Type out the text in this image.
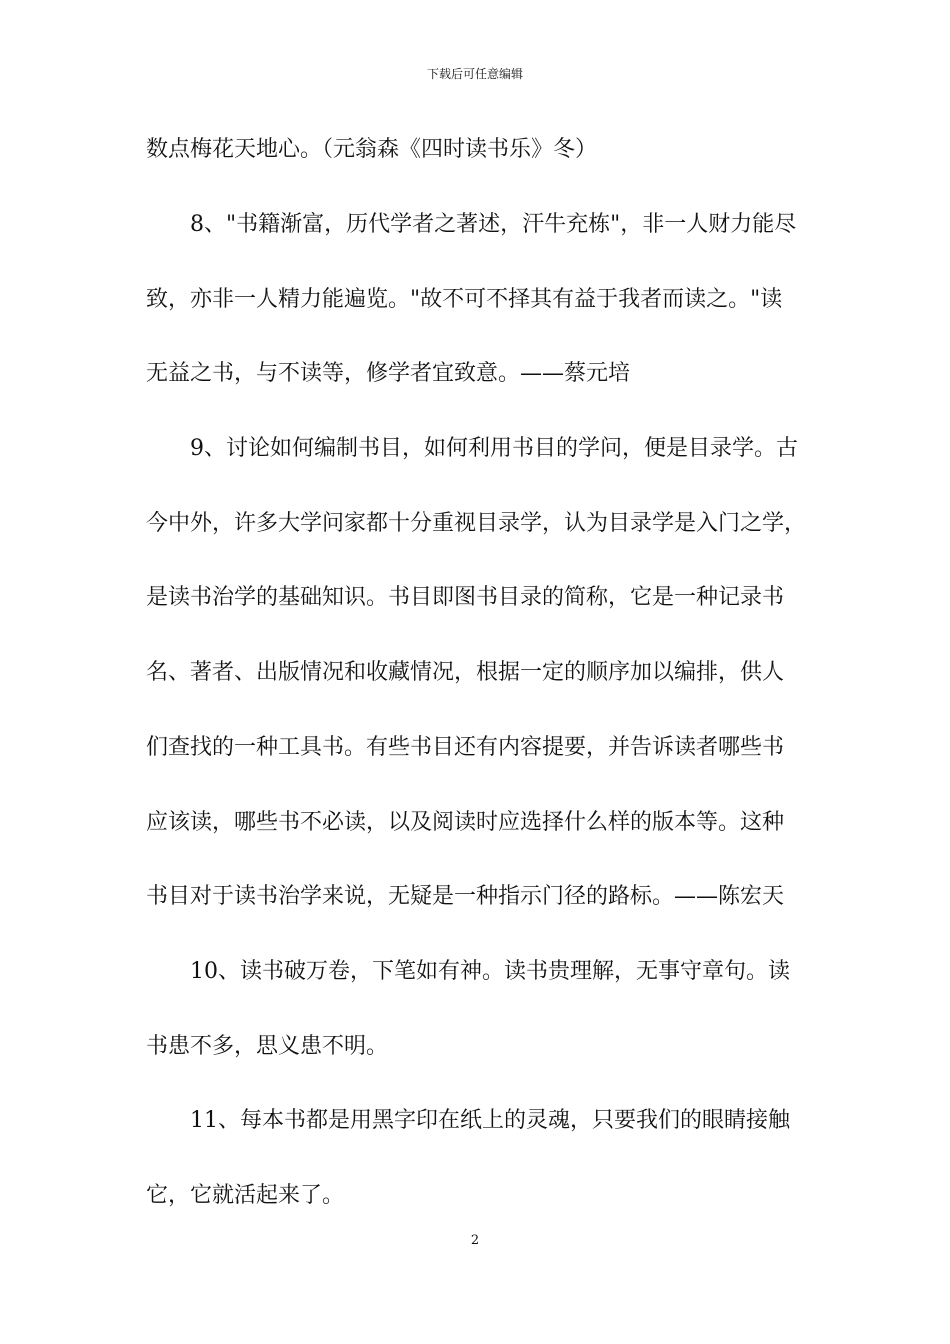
下载后可任意编辑
数点梅花天地心。（元翁森《四时读书乐》冬）
8、"书籍渐富，历代学者之著述，汗牛充栋"，非一人财力能尽
致，亦非一人精力能遍览。"故不可不择其有益于我者而读之。"读
无益之书，与不读等，修学者宜致意。——蔡元培
9、讨论如何编制书目，如何利用书目的学问，便是目录学。古
今中外，许多大学问家都十分重视目录学，认为目录学是入门之学，
是读书治学的基础知识。书目即图书目录的简称，它是一种记录书
名、著者、出版情况和收藏情况，根据一定的顺序加以编排，供人
们查找的一种工具书。有些书目还有内容提要，并告诉读者哪些书
应该读，哪些书不必读，以及阅读时应选择什么样的版本等。这种
书目对于读书治学来说，无疑是一种指示门径的路标。——陈宏天
10、读书破万卷，下笔如有神。读书贵理解，无事守章句。读
书患不多，思义患不明。
11、每本书都是用黑字印在纸上的灵魂，只要我们的眼睛接触
它，它就活起来了。
2
